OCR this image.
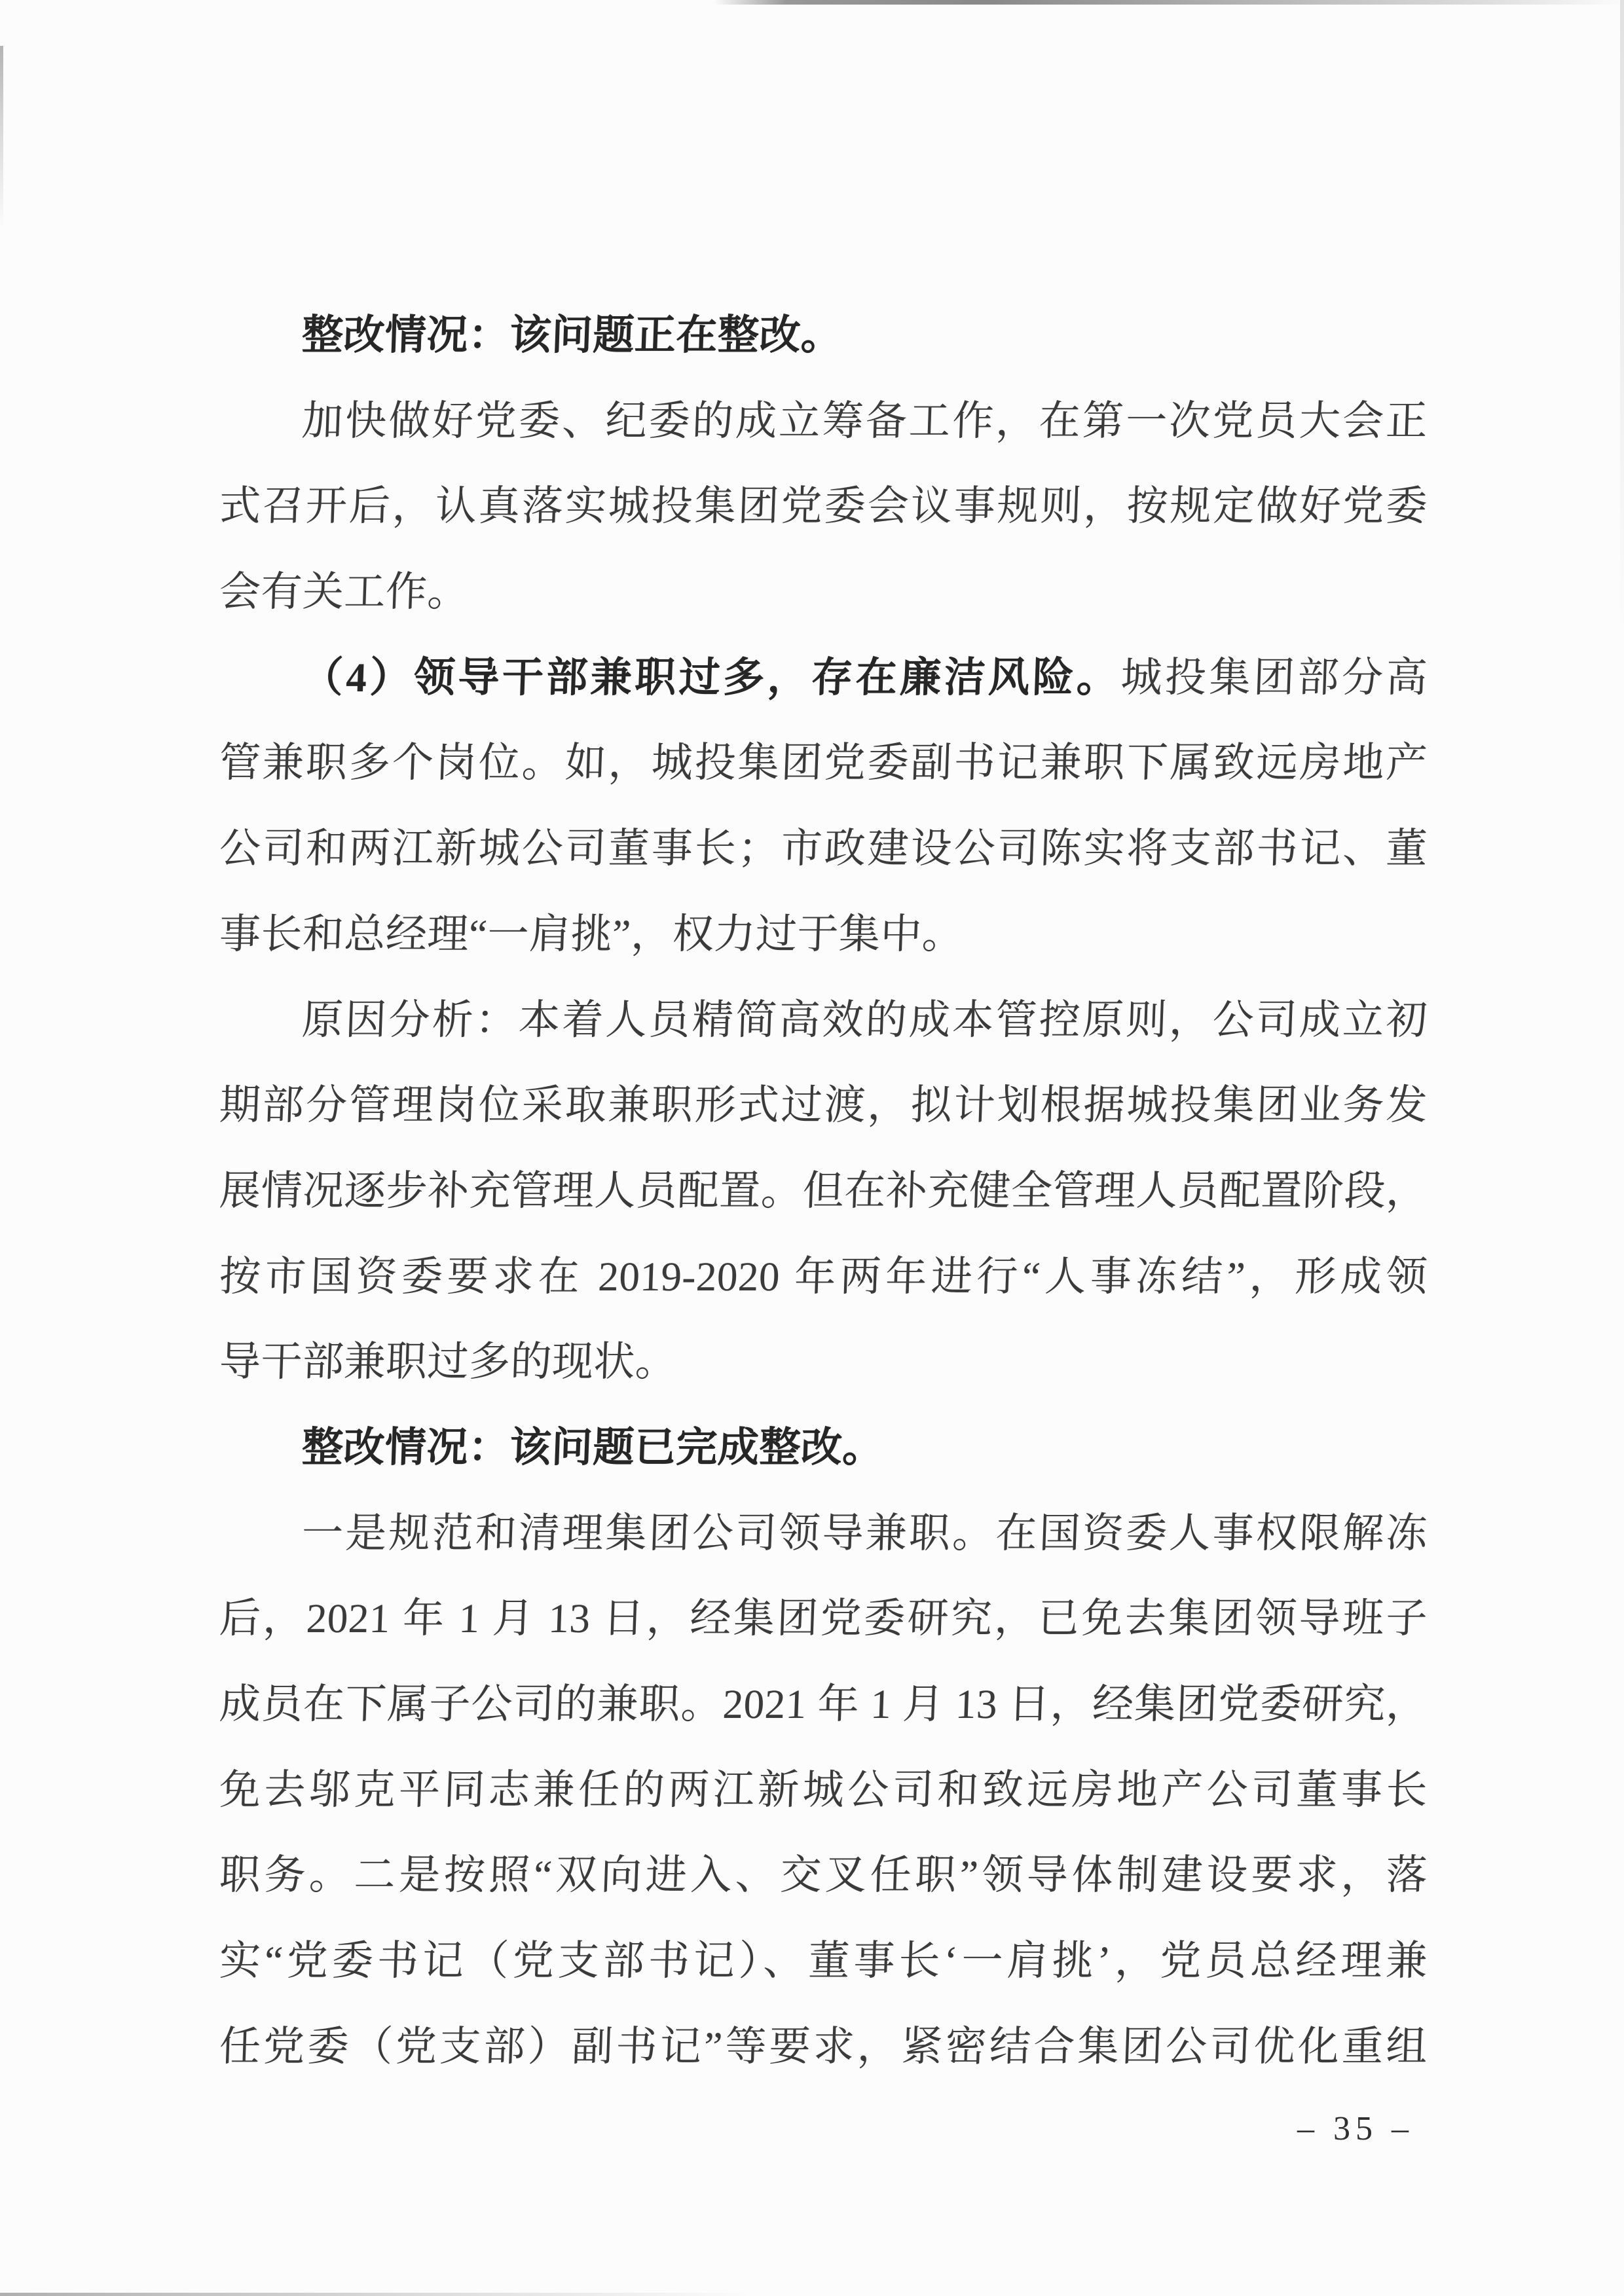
整改情况：该问题正在整改。
加快做好党委、纪委的成立筹备工作，在第一次党员大会正
式召开后，认真落实城投集团党委会议事规则，按规定做好党委
会有关工作。
（4）领导干部兼职过多，存在廉洁风险。城投集团部分高
管兼职多个岗位。如，城投集团党委副书记兼职下属致远房地产
公司和两江新城公司董事长；市政建设公司陈实将支部书记、董
事长和总经理“一肩挑”，权力过于集中。
原因分析：本着人员精简高效的成本管控原则，公司成立初
期部分管理岗位采取兼职形式过渡，拟计划根据城投集团业务发
展情况逐步补充管理人员配置。但在补充健全管理人员配置阶段，
按市国资委要求在 2019-2020 年两年进行“人事冻结”，形成领
导干部兼职过多的现状。
整改情况：该问题已完成整改。
一是规范和清理集团公司领导兼职。在国资委人事权限解冻
后，2021 年 1 月 13 日，经集团党委研究，已免去集团领导班子
成员在下属子公司的兼职。2021 年 1 月 13 日，经集团党委研究，
免去邬克平同志兼任的两江新城公司和致远房地产公司董事长
职务。二是按照“双向进入、交叉任职”领导体制建设要求，落
实“党委书记（党支部书记）、董事长‘一肩挑’，党员总经理兼
任党委（党支部）副书记”等要求，紧密结合集团公司优化重组
– 35 –
